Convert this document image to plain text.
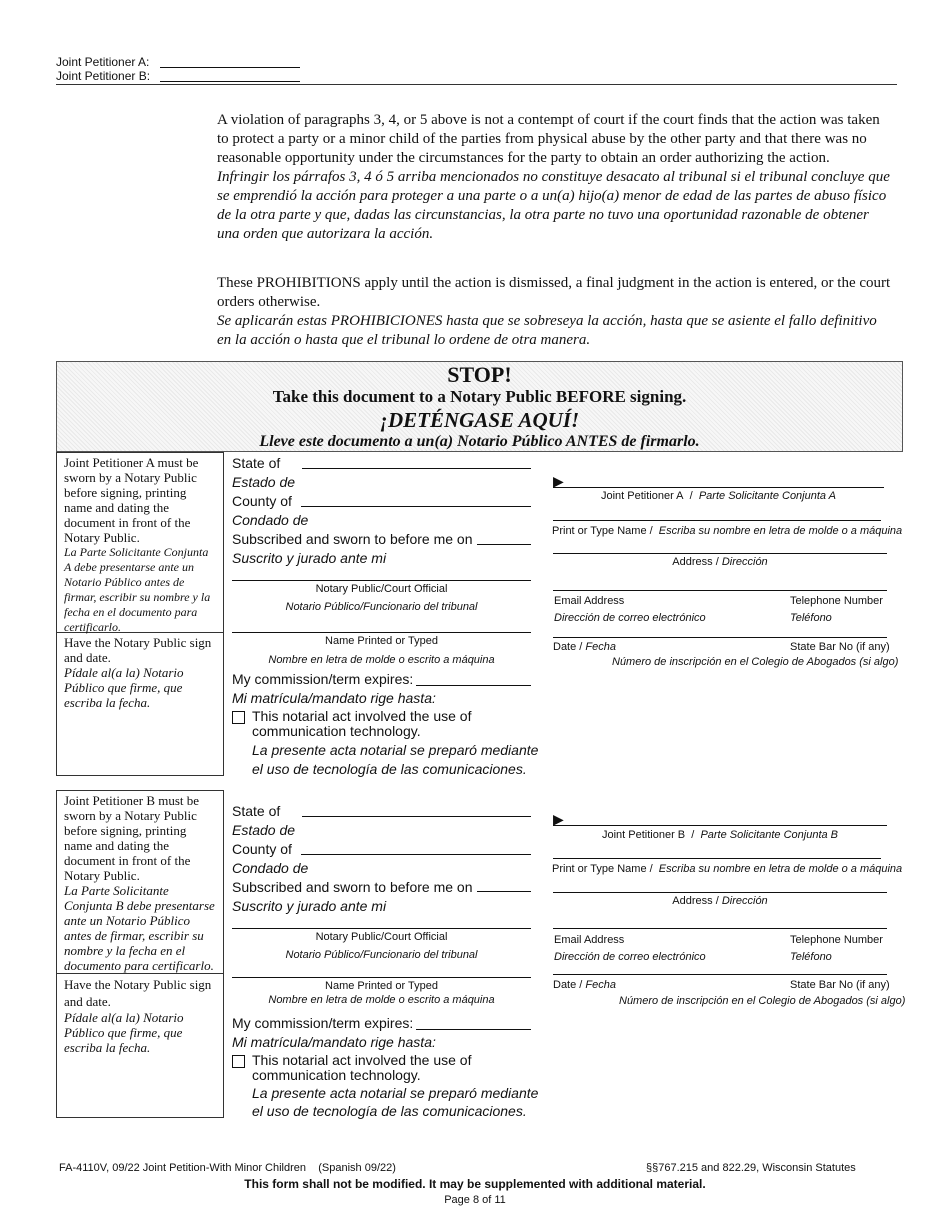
Joint Petitioner A:
Joint Petitioner B:
A violation of paragraphs 3, 4, or 5 above is not a contempt of court if the court finds that the action was taken to protect a party or a minor child of the parties from physical abuse by the other party and that there was no reasonable opportunity under the circumstances for the party to obtain an order authorizing the action.
Infringir los párrafos 3, 4 ó 5 arriba mencionados no constituye desacato al tribunal si el tribunal concluye que se emprendió la acción para proteger a una parte o a un(a) hijo(a) menor de edad de las partes de abuso físico de la otra parte y que, dadas las circunstancias, la otra parte no tuvo una oportunidad razonable de obtener una orden que autorizara la acción.
These PROHIBITIONS apply until the action is dismissed, a final judgment in the action is entered, or the court orders otherwise.
Se aplicarán estas PROHIBICIONES hasta que se sobreseya la acción, hasta que se asiente el fallo definitivo en la acción o hasta que el tribunal lo ordene de otra manera.
STOP!
Take this document to a Notary Public BEFORE signing.
¡DETÉNGASE AQUÍ!
Lleve este documento a un(a) Notario Público ANTES de firmarlo.
Joint Petitioner A must be sworn by a Notary Public before signing, printing name and dating the document in front of the Notary Public.
La Parte Solicitante Conjunta A debe presentarse ante un Notario Público antes de firmar, escribir su nombre y la fecha en el documento para certificarlo.
Have the Notary Public sign and date.
Pídale al(a la) Notario Público que firme, que escriba la fecha.
State of
Estado de
County of
Condado de
Subscribed and sworn to before me on
Suscrito y jurado ante mi
Notary Public/Court Official
Notario Público/Funcionario del tribunal
Name Printed or Typed
Nombre en letra de molde o escrito a máquina
My commission/term expires:
Mi matrícula/mandato rige hasta:
This notarial act involved the use of
communication technology.
La presente acta notarial se preparó mediante
el uso de tecnología de las comunicaciones.
▶
Joint Petitioner A / Parte Solicitante Conjunta A
Print or Type Name / Escriba su nombre en letra de molde o a máquina
Address / Dirección
Email Address
Dirección de correo electrónico
Telephone Number
Teléfono
Date / Fecha	State Bar No (if any)
Número de inscripción en el Colegio de Abogados (si algo)
Joint Petitioner B must be sworn by a Notary Public before signing, printing name and dating the document in front of the Notary Public.
La Parte Solicitante Conjunta B debe presentarse ante un Notario Público antes de firmar, escribir su nombre y la fecha en el documento para certificarlo.
Have the Notary Public sign and date.
Pídale al(a la) Notario Público que firme, que escriba la fecha.
State of
Estado de
County of
Condado de
Subscribed and sworn to before me on
Suscrito y jurado ante mi
Notary Public/Court Official
Notario Público/Funcionario del tribunal
Name Printed or Typed
Nombre en letra de molde o escrito a máquina
My commission/term expires:
Mi matrícula/mandato rige hasta:
This notarial act involved the use of
communication technology.
La presente acta notarial se preparó mediante
el uso de tecnología de las comunicaciones.
▶
Joint Petitioner B / Parte Solicitante Conjunta B
Print or Type Name / Escriba su nombre en letra de molde o a máquina
Address / Dirección
Email Address
Dirección de correo electrónico
Telephone Number
Teléfono
Date / Fecha	State Bar No (if any)
Número de inscripción en el Colegio de Abogados (si algo)
FA-4110V, 09/22 Joint Petition-With Minor Children    (Spanish 09/22)	§§767.215 and 822.29, Wisconsin Statutes
This form shall not be modified. It may be supplemented with additional material.
Page 8 of 11
